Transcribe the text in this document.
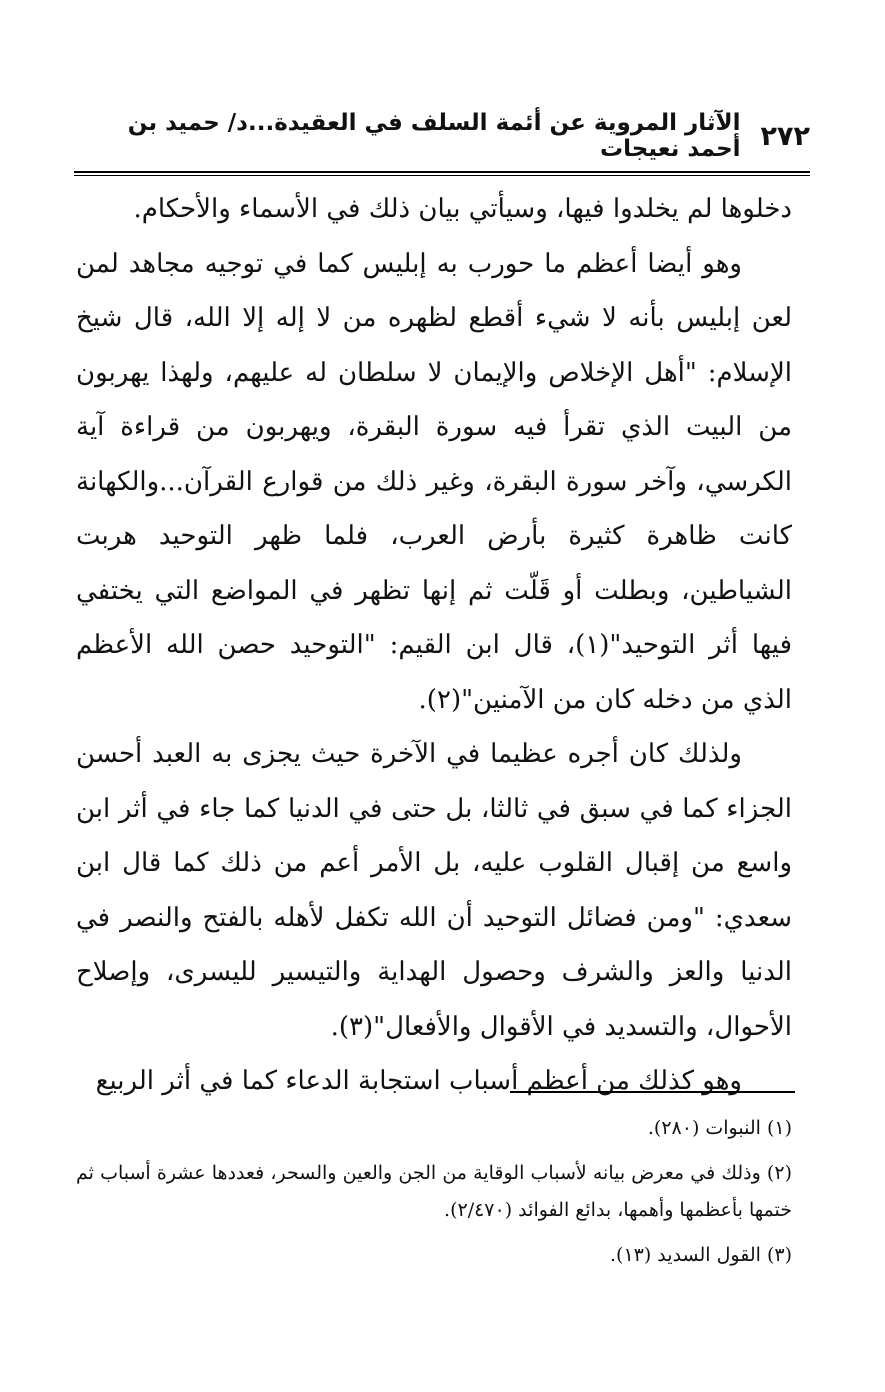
٢٧٢
الآثار المروية عن أئمة السلف في العقيدة...د/ حميد بن أحمد نعيجات

دخلوها لم يخلدوا فيها، وسيأتي بيان ذلك في الأسماء والأحكام.

وهو أيضا أعظم ما حورب به إبليس كما في توجيه مجاهد لمن لعن إبليس بأنه لا شيء أقطع لظهره من لا إله إلا الله، قال شيخ الإسلام: "أهل الإخلاص والإيمان لا سلطان له عليهم، ولهذا يهربون من البيت الذي تقرأ فيه سورة البقرة، ويهربون من قراءة آية الكرسي، وآخر سورة البقرة، وغير ذلك من قوارع القرآن...والكهانة كانت ظاهرة كثيرة بأرض العرب، فلما ظهر التوحيد هربت الشياطين، وبطلت أو قَلّت ثم إنها تظهر في المواضع التي يختفي فيها أثر التوحيد"(١)، قال ابن القيم: "التوحيد حصن الله الأعظم الذي من دخله كان من الآمنين"(٢).

ولذلك كان أجره عظيما في الآخرة حيث يجزى به العبد أحسن الجزاء كما في سبق في ثالثا، بل حتى في الدنيا كما جاء في أثر ابن واسع من إقبال القلوب عليه، بل الأمر أعم من ذلك كما قال ابن سعدي: "ومن فضائل التوحيد أن الله تكفل لأهله بالفتح والنصر في الدنيا والعز والشرف وحصول الهداية والتيسير لليسرى، وإصلاح الأحوال، والتسديد في الأقوال والأفعال"(٣).

وهو كذلك من أعظم أسباب استجابة الدعاء كما في أثر الربيع

(١) النبوات (٢٨٠).

(٢) وذلك في معرض بيانه لأسباب الوقاية من الجن والعين والسحر، فعددها عشرة أسباب ثم ختمها بأعظمها وأهمها، بدائع الفوائد (٢/٤٧٠).

(٣) القول السديد (١٣).
